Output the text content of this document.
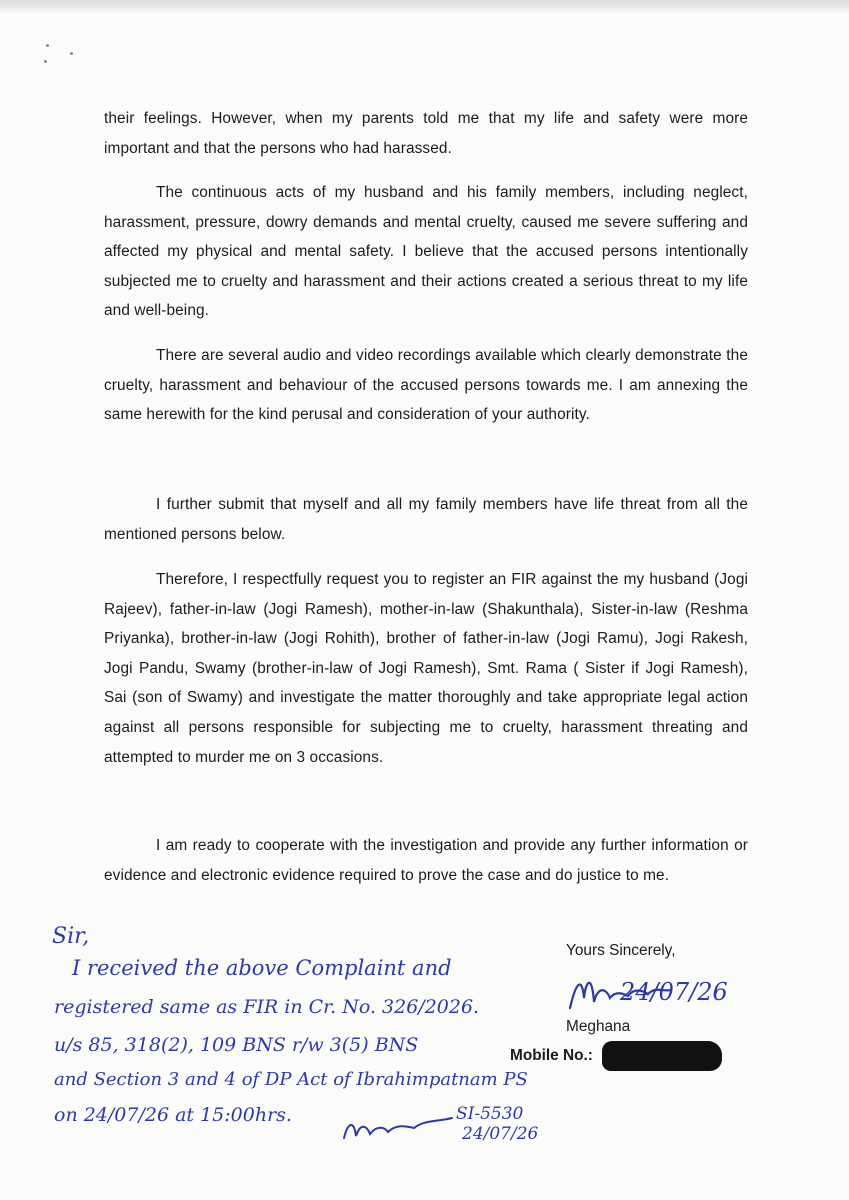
their feelings. However, when my parents told me that my life and safety were more important and that the persons who had harassed.

The continuous acts of my husband and his family members, including neglect, harassment, pressure, dowry demands and mental cruelty, caused me severe suffering and affected my physical and mental safety. I believe that the accused persons intentionally subjected me to cruelty and harassment and their actions created a serious threat to my life and well-being.

There are several audio and video recordings available which clearly demonstrate the cruelty, harassment and behaviour of the accused persons towards me. I am annexing the same herewith for the kind perusal and consideration of your authority.

I further submit that myself and all my family members have life threat from all the mentioned persons below.

Therefore, I respectfully request you to register an FIR against the my husband (Jogi Rajeev), father-in-law (Jogi Ramesh), mother-in-law (Shakunthala), Sister-in-law (Reshma Priyanka), brother-in-law (Jogi Rohith), brother of father-in-law (Jogi Ramu), Jogi Rakesh, Jogi Pandu, Swamy (brother-in-law of Jogi Ramesh), Smt. Rama ( Sister if Jogi Ramesh), Sai (son of Swamy) and investigate the matter thoroughly and take appropriate legal action against all persons responsible for subjecting me to cruelty, harassment threating and attempted to murder me on 3 occasions.

I am ready to cooperate with the investigation and provide any further information or evidence and electronic evidence required to prove the case and do justice to me.

Yours Sincerely,

24/07/26

Meghana

Mobile No.:

Sir,

I received the above Complaint and

registered same as FIR in Cr. No. 326/2026.

u/s 85, 318(2), 109 BNS r/w 3(5) BNS

and Section 3 and 4 of DP Act of Ibrahimpatnam PS

on 24/07/26 at 15:00hrs.	SI-5530

24/07/26
